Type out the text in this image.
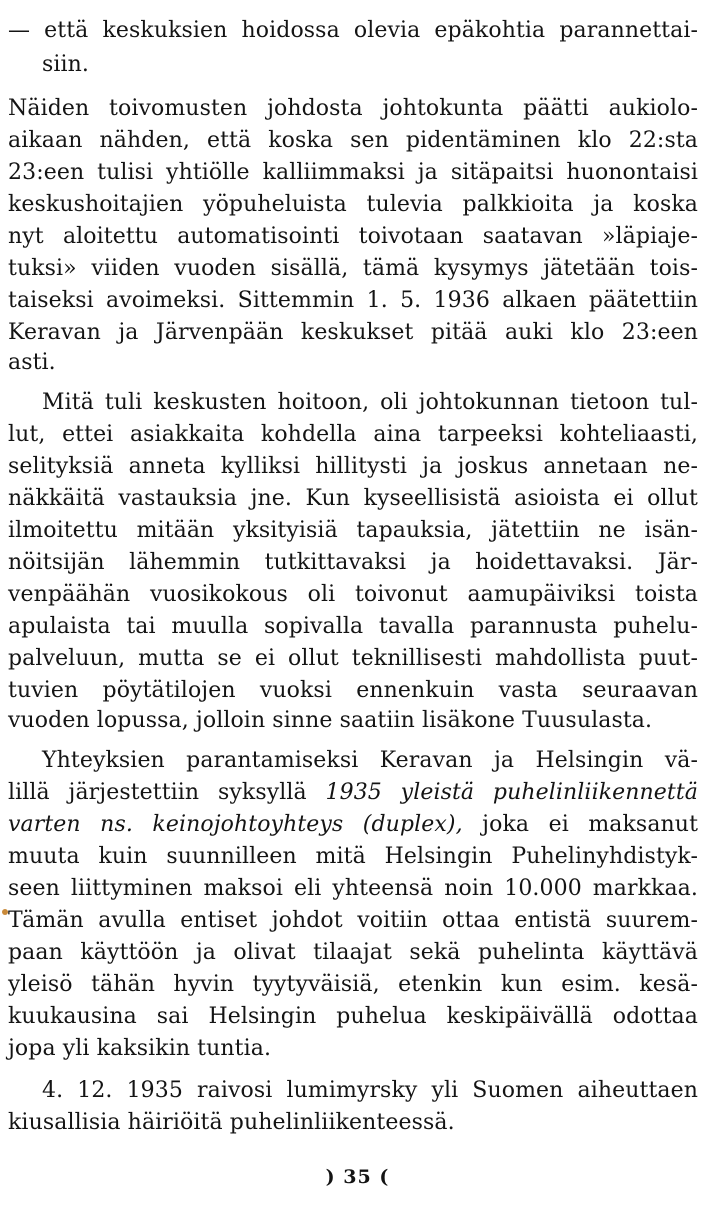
— että keskuksien hoidossa olevia epäkohtia parannettai-
siin.
Näiden toivomusten johdosta johtokunta päätti aukiolo-
aikaan nähden, että koska sen pidentäminen klo 22:sta
23:een tulisi yhtiölle kalliimmaksi ja sitäpaitsi huonontaisi
keskushoitajien yöpuheluista tulevia palkkioita ja koska
nyt aloitettu automatisointi toivotaan saatavan »läpiaje-
tuksi» viiden vuoden sisällä, tämä kysymys jätetään tois-
taiseksi avoimeksi. Sittemmin 1. 5. 1936 alkaen päätettiin
Keravan ja Järvenpään keskukset pitää auki klo 23:een
asti.
Mitä tuli keskusten hoitoon, oli johtokunnan tietoon tul-
lut, ettei asiakkaita kohdella aina tarpeeksi kohteliaasti,
selityksiä anneta kylliksi hillitysti ja joskus annetaan ne-
näkkäitä vastauksia jne. Kun kyseellisistä asioista ei ollut
ilmoitettu mitään yksityisiä tapauksia, jätettiin ne isän-
nöitsijän lähemmin tutkittavaksi ja hoidettavaksi. Jär-
venpäähän vuosikokous oli toivonut aamupäiviksi toista
apulaista tai muulla sopivalla tavalla parannusta puhelu-
palveluun, mutta se ei ollut teknillisesti mahdollista puut-
tuvien pöytätilojen vuoksi ennenkuin vasta seuraavan
vuoden lopussa, jolloin sinne saatiin lisäkone Tuusulasta.
Yhteyksien parantamiseksi Keravan ja Helsingin vä-
lillä järjestettiin syksyllä 1935 yleistä puhelinliikennettä
varten ns. keinojohtoyhteys (duplex), joka ei maksanut
muuta kuin suunnilleen mitä Helsingin Puhelinyhdistyk-
seen liittyminen maksoi eli yhteensä noin 10.000 markkaa.
Tämän avulla entiset johdot voitiin ottaa entistä suurem-
paan käyttöön ja olivat tilaajat sekä puhelinta käyttävä
yleisö tähän hyvin tyytyväisiä, etenkin kun esim. kesä-
kuukausina sai Helsingin puhelua keskipäivällä odottaa
jopa yli kaksikin tuntia.
4. 12. 1935 raivosi lumimyrsky yli Suomen aiheuttaen
kiusallisia häiriöitä puhelinliikenteessä.
) 35 (
